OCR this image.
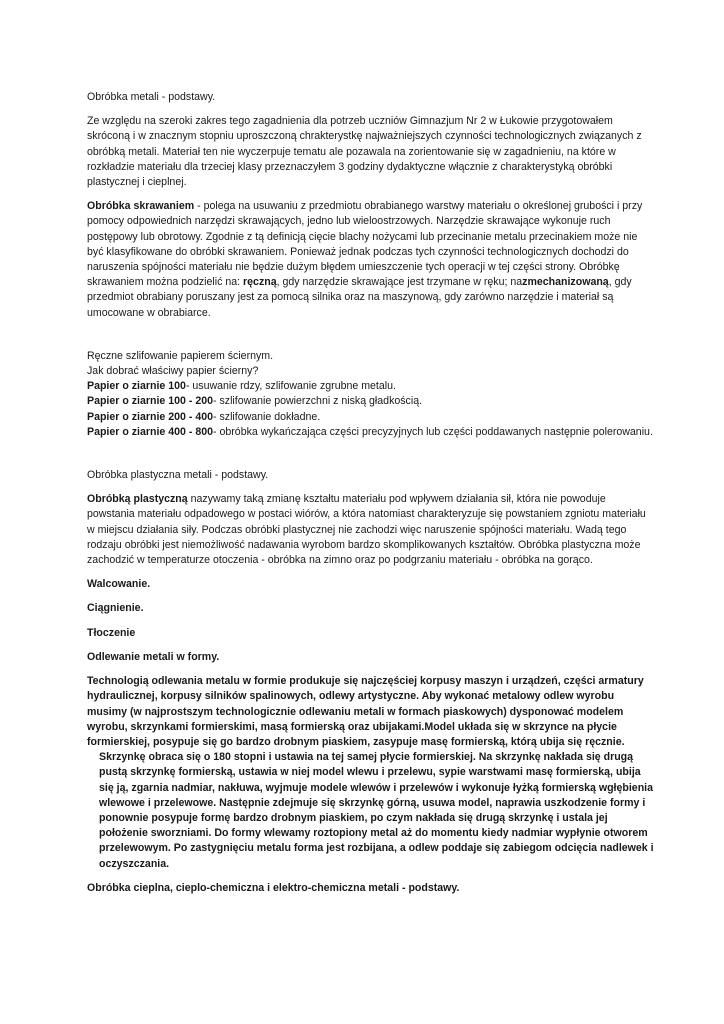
Obróbka metali - podstawy.

Ze względu na szeroki zakres tego zagadnienia dla potrzeb uczniów Gimnazjum Nr 2 w Łukowie przygotowałem skróconą i w znacznym stopniu uproszczoną chrakterystkę najważniejszych czynności technologicznych związanych z obróbką metali. Materiał ten nie wyczerpuje tematu ale pozawala na zorientowanie się w zagadnieniu, na które w rozkładzie materiału dla trzeciej klasy przeznaczyłem 3 godziny dydaktyczne włącznie z charakterystyką obróbki plastycznej i cieplnej.

Obróbka skrawaniem - polega na usuwaniu z przedmiotu obrabianego warstwy materiału o określonej grubości i przy pomocy odpowiednich narzędzi skrawających, jedno lub wieloostrzowych. Narzędzie skrawające wykonuje ruch postępowy lub obrotowy. Zgodnie z tą definicją cięcie blachy nożycami lub przecinanie metalu przecinakiem może nie być klasyfikowane do obróbki skrawaniem. Ponieważ jednak podczas tych czynności technologicznych dochodzi do naruszenia spójności materiału nie będzie dużym błędem umieszczenie tych operacji w tej części strony. Obróbkę skrawaniem można podzielić na: ręczną, gdy narzędzie skrawające jest trzymane w ręku; nazmechanizowaną, gdy przedmiot obrabiany poruszany jest za pomocą silnika oraz na maszynową, gdy zarówno narzędzie i materiał są umocowane w obrabiarce.

Ręczne szlifowanie papierem ściernym.

Jak dobrać właściwy papier ścierny?

Papier o ziarnie 100- usuwanie rdzy, szlifowanie zgrubne metalu.

Papier o ziarnie 100 - 200- szlifowanie powierzchni z niską gładkością.

Papier o ziarnie 200 - 400- szlifowanie dokładne.

Papier o ziarnie 400 - 800- obróbka wykańczająca części precyzyjnych lub części poddawanych następnie polerowaniu.

Obróbka plastyczna metali - podstawy.

Obróbką plastyczną nazywamy taką zmianę kształtu materiału pod wpływem działania sił, która nie powoduje powstania materiału odpadowego w postaci wiórów, a która natomiast charakteryzuje się powstaniem zgniotu materiału w miejscu działania siły. Podczas obróbki plastycznej nie zachodzi więc naruszenie spójności materiału. Wadą tego rodzaju obróbki jest niemożliwość nadawania wyrobom bardzo skomplikowanych kształtów. Obróbka plastyczna może zachodzić w temperaturze otoczenia - obróbka na zimno oraz po podgrzaniu materiału - obróbka na gorąco.

Walcowanie.

Ciągnienie.

Tłoczenie

Odlewanie metali w formy.

Technologią odlewania metalu w formie produkuje się najczęściej korpusy maszyn i urządzeń, części armatury hydraulicznej, korpusy silników spalinowych, odlewy artystyczne. Aby wykonać metalowy odlew wyrobu musimy (w najprostszym technologicznie odlewaniu metali w formach piaskowych) dysponować modelem wyrobu, skrzynkami formierskimi, masą formierską oraz ubijakami.Model układa się w skrzynce na płycie formierskiej, posypuje się go bardzo drobnym piaskiem, zasypuje masę formierską, którą ubija się ręcznie.

Skrzynkę obraca się o 180 stopni i ustawia na tej samej płycie formierskiej. Na skrzynkę nakłada się drugą pustą skrzynkę formierską, ustawia w niej model wlewu i przelewu, sypie warstwami masę formierską, ubija się ją, zgarnia nadmiar, nakłuwa, wyjmuje modele wlewów i przelewów i wykonuje łyżką formierską wgłębienia wlewowe i przelewowe. Następnie zdejmuje się skrzynkę górną, usuwa model, naprawia uszkodzenie formy i ponownie posypuje formę bardzo drobnym piaskiem, po czym nakłada się drugą skrzynkę i ustala jej położenie sworzniami. Do formy wlewamy roztopiony metal aż do momentu kiedy nadmiar wypłynie otworem przelewowym. Po zastygnięciu metalu forma jest rozbijana, a odlew poddaje się zabiegom odcięcia nadlewek i oczyszczania.

Obróbka cieplna, cieplo-chemiczna i elektro-chemiczna metali - podstawy.
